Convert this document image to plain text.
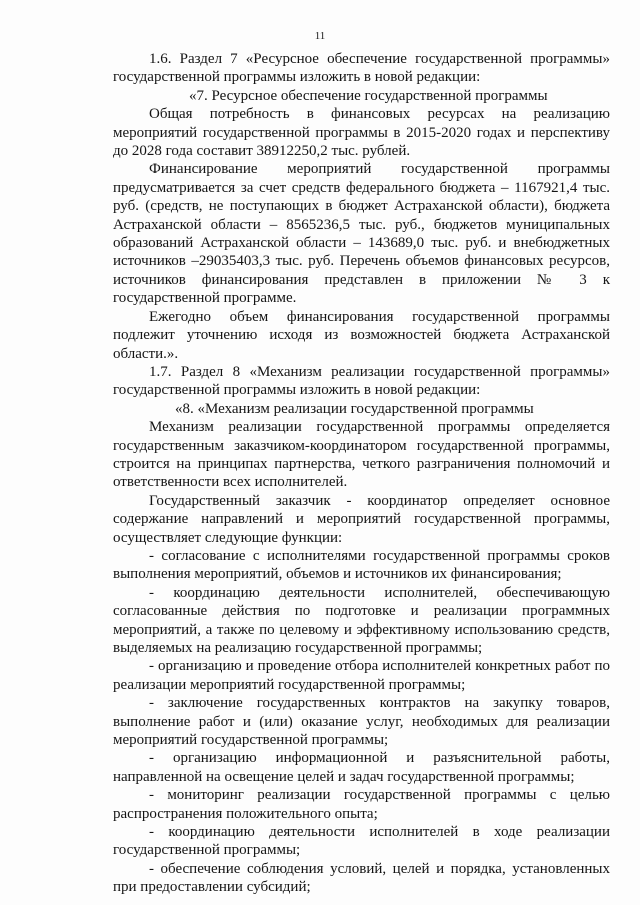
11

1.6. Раздел 7 «Ресурсное обеспечение государственной программы» государственной программы изложить в новой редакции:

«7. Ресурсное обеспечение государственной программы

Общая потребность в финансовых ресурсах на реализацию мероприятий государственной программы в 2015-2020 годах и перспективу до 2028 года составит 38912250,2 тыс. рублей.

Финансирование мероприятий государственной программы предусматривается за счет средств федерального бюджета – 1167921,4 тыс. руб. (средств, не поступающих в бюджет Астраханской области), бюджета Астраханской области – 8565236,5 тыс. руб., бюджетов муниципальных образований Астраханской области – 143689,0 тыс. руб. и внебюджетных источников –29035403,3 тыс. руб. Перечень объемов финансовых ресурсов, источников финансирования представлен в приложении № 3 к государственной программе.

Ежегодно объем финансирования государственной программы подлежит уточнению исходя из возможностей бюджета Астраханской области.».

1.7. Раздел 8 «Механизм реализации государственной программы» государственной программы изложить в новой редакции:

«8. «Механизм реализации государственной программы

Механизм реализации государственной программы определяется государственным заказчиком-координатором государственной программы, строится на принципах партнерства, четкого разграничения полномочий и ответственности всех исполнителей.

Государственный заказчик - координатор определяет основное содержание направлений и мероприятий государственной программы, осуществляет следующие функции:

- согласование с исполнителями государственной программы сроков выполнения мероприятий, объемов и источников их финансирования;

- координацию деятельности исполнителей, обеспечивающую согласованные действия по подготовке и реализации программных мероприятий, а также по целевому и эффективному использованию средств, выделяемых на реализацию государственной программы;

- организацию и проведение отбора исполнителей конкретных работ по реализации мероприятий государственной программы;

- заключение государственных контрактов на закупку товаров, выполнение работ и (или) оказание услуг, необходимых для реализации мероприятий государственной программы;

- организацию информационной и разъяснительной работы, направленной на освещение целей и задач государственной программы;

- мониторинг реализации государственной программы с целью распространения положительного опыта;

- координацию деятельности исполнителей в ходе реализации государственной программы;

- обеспечение соблюдения условий, целей и порядка, установленных при предоставлении субсидий;
